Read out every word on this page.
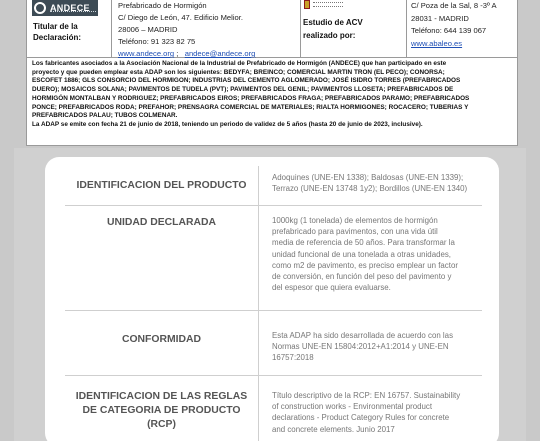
ANDECE
Titular de la
Declaración:
Prefabricado de Hormigón
C/ Diego de León, 47. Edificio Melior.
28006 – MADRID
Teléfono: 91 323 82 75
www.andece.org ; andece@andece.org
Estudio de ACV
realizado por:
C/ Poza de la Sal, 8 -3º A
28031 - MADRID
Teléfono: 644 139 067
www.abaleo.es
Los fabricantes asociados a la Asociación Nacional de la Industrial de Prefabricado de Hormigón (ANDECE) que han participado en este
proyecto y que pueden emplear esta ADAP son los siguientes: BEDYFA; BREINCO; COMERCIAL MARTIN TRON (EL PECO); CONORSA;
ESCOFET 1886; GLS CONSORCIO DEL HORMIGON; INDUSTRIAS DEL CEMENTO AGLOMERADO; JOSÉ ISIDRO TORRES (PREFABRICADOS
DUERO); MOSAICOS SOLANA; PAVIMENTOS DE TUDELA (PVT); PAVIMENTOS DEL GENIL; PAVIMENTOS LLOSETA; PREFABRICADOS DE
HORMIGÓN MONTALBAN Y RODRIGUEZ; PREFABRICADOS EIROS; PREFABRICADOS FRAGA; PREFABRICADOS PARAMO; PREFABRICADOS
PONCE; PREFABRICADOS RODA; PREFAHOR; PRENSAGRA COMERCIAL DE MATERIALES; RIALTA HORMIGONES; ROCACERO; TUBERIAS Y
PREFABRICADOS PALAU; TUBOS COLMENAR.
La ADAP se emite con fecha 21 de junio de 2018, teniendo un periodo de validez de 5 años (hasta 20 de junio de 2023, inclusive).
IDENTIFICACION DEL PRODUCTO
Adoquines (UNE-EN 1338); Baldosas (UNE-EN 1339);
Terrazo (UNE-EN 13748 1y2); Bordillos (UNE-EN 1340)
UNIDAD DECLARADA	1000kg (1 tonelada) de elementos de hormigón
prefabricado para pavimentos, con una vida útil
media de referencia de 50 años. Para transformar la
unidad funcional de una tonelada a otras unidades,
como m2 de pavimento, es preciso emplear un factor
de conversión, en función del peso del pavimento y
del espesor que quiera evaluarse.
CONFORMIDAD	Esta ADAP ha sido desarrollada de acuerdo con las
Normas UNE-EN 15804:2012+A1:2014 y UNE-EN
16757:2018
IDENTIFICACION DE LAS REGLAS DE CATEGORIA DE PRODUCTO (RCP)
Título descriptivo de la RCP: EN 16757. Sustainability
of construction works - Environmental product
declarations - Product Category Rules for concrete
and concrete elements. Junio 2017
